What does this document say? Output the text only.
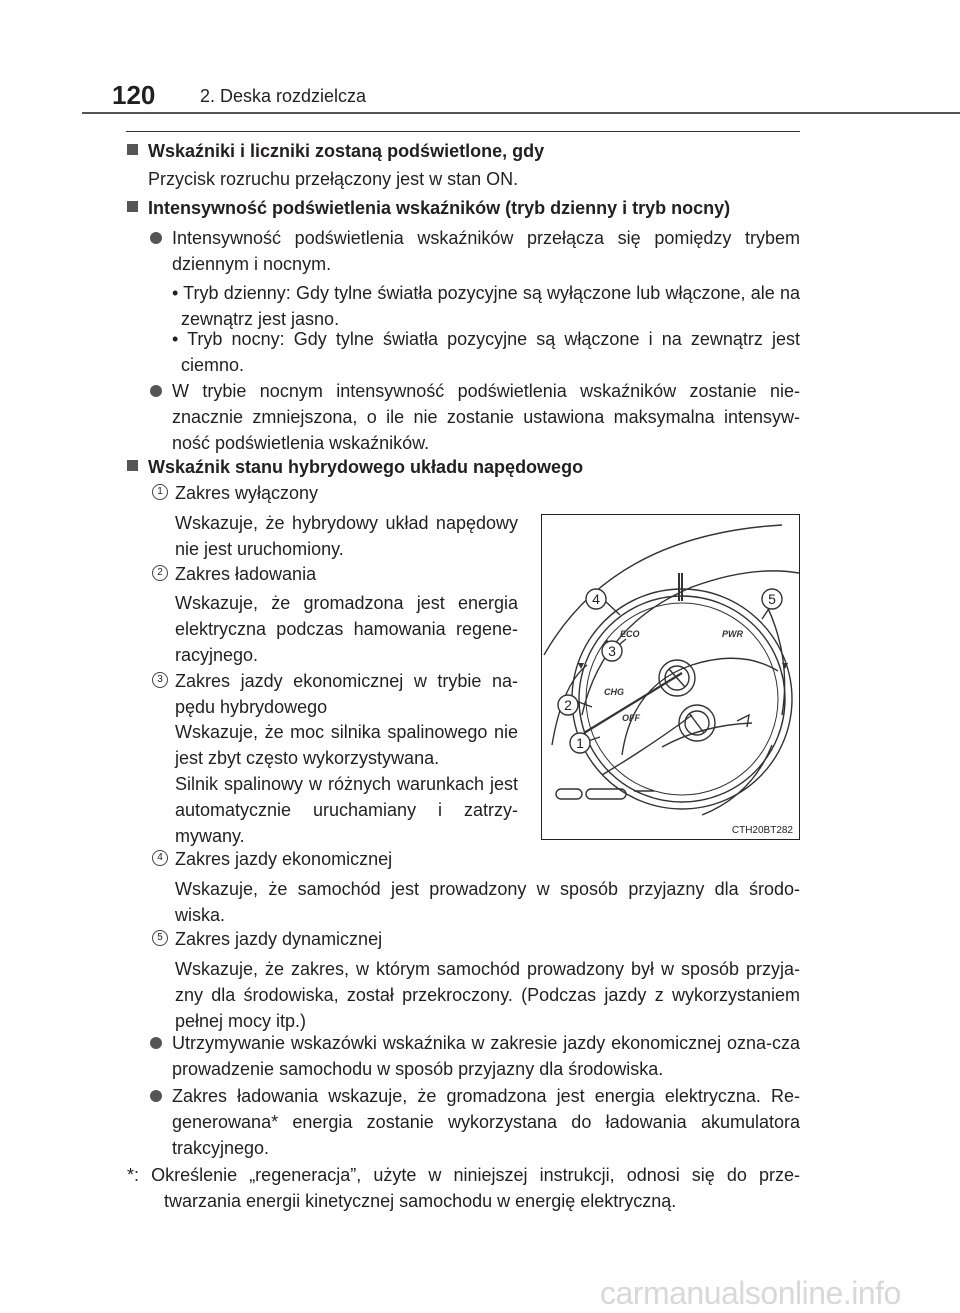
120 2. Deska rozdzielcza
Wskaźniki i liczniki zostaną podświetlone, gdy
Przycisk rozruchu przełączony jest w stan ON.
Intensywność podświetlenia wskaźników (tryb dzienny i tryb nocny)
Intensywność podświetlenia wskaźników przełącza się pomiędzy trybem dziennym i nocnym.
• Tryb dzienny: Gdy tylne światła pozycyjne są wyłączone lub włączone, ale na zewnątrz jest jasno.
• Tryb nocny: Gdy tylne światła pozycyjne są włączone i na zewnątrz jest ciemno.
W trybie nocnym intensywność podświetlenia wskaźników zostanie nie-znacznie zmniejszona, o ile nie zostanie ustawiona maksymalna intensyw-ność podświetlenia wskaźników.
Wskaźnik stanu hybrydowego układu napędowego
1 Zakres wyłączony
Wskazuje, że hybrydowy układ napędowy nie jest uruchomiony.
2 Zakres ładowania
Wskazuje, że gromadzona jest energia elektryczna podczas hamowania regene-racyjnego.
3 Zakres jazdy ekonomicznej w trybie na-pędu hybrydowego
Wskazuje, że moc silnika spalinowego nie jest zbyt często wykorzystywana.
Silnik spalinowy w różnych warunkach jest automatycznie uruchamiany i zatrzy-mywany.
4 Zakres jazdy ekonomicznej
Wskazuje, że samochód jest prowadzony w sposób przyjazny dla środo-wiska.
5 Zakres jazdy dynamicznej
Wskazuje, że zakres, w którym samochód prowadzony był w sposób przyja-zny dla środowiska, został przekroczony. (Podczas jazdy z wykorzystaniem pełnej mocy itp.)
Utrzymywanie wskazówki wskaźnika w zakresie jazdy ekonomicznej ozna-cza prowadzenie samochodu w sposób przyjazny dla środowiska.
Zakres ładowania wskazuje, że gromadzona jest energia elektryczna. Re-generowana* energia zostanie wykorzystana do ładowania akumulatora trakcyjnego.
*: Określenie „regeneracja”, użyte w niniejszej instrukcji, odnosi się do prze-twarzania energii kinetycznej samochodu w energię elektryczną.
4	5
3
2
1
ECO	PWR
CHG
OFF
CTH20BT282
carmanualsonline.info
